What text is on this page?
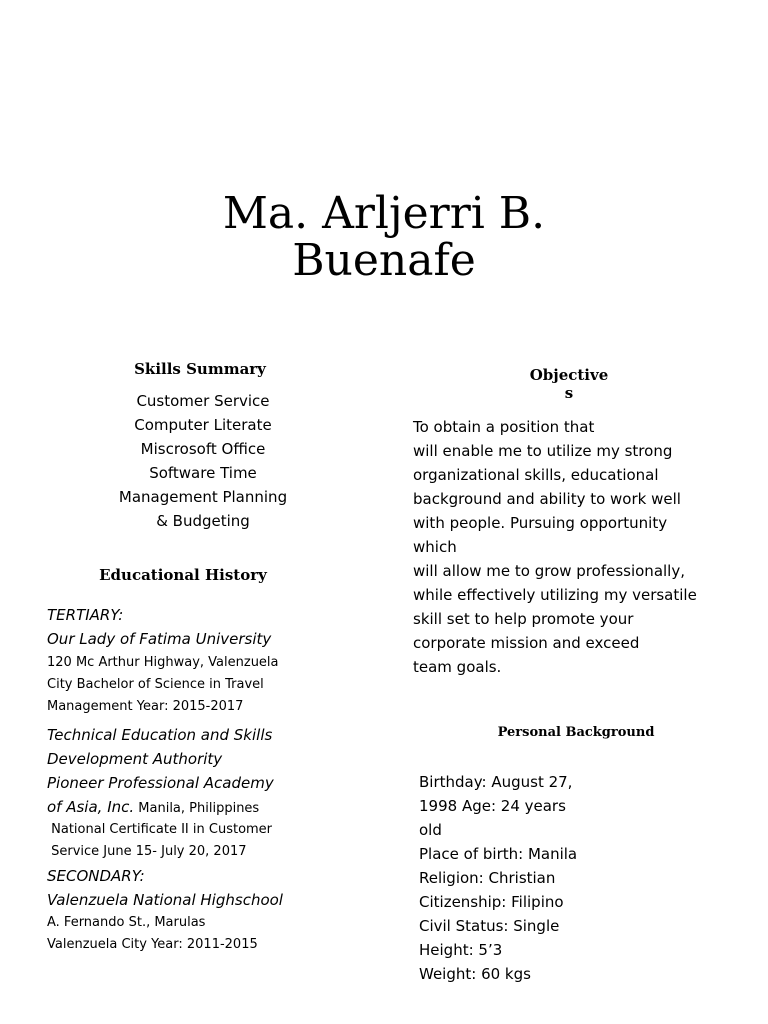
Ma. Arljerri B.
Buenafe
Skills Summary
Customer Service
Computer Literate
Miscrosoft Office
Software Time
Management Planning
& Budgeting
Educational History
TERTIARY:
Our Lady of Fatima University
120 Mc Arthur Highway, Valenzuela
City Bachelor of Science in Travel
Management Year: 2015-2017
Technical Education and Skills
Development Authority
Pioneer Professional Academy
of Asia, Inc. Manila, Philippines
National Certificate II in Customer
Service June 15- July 20, 2017
SECONDARY:
Valenzuela National Highschool
A. Fernando St., Marulas
Valenzuela City Year: 2011-2015
Objective
s
To obtain a position that
will enable me to utilize my strong
organizational skills, educational
background and ability to work well
with people. Pursuing opportunity
which
will allow me to grow professionally,
while effectively utilizing my versatile
skill set to help promote your
corporate mission and exceed
team goals.
Personal Background
Birthday: August 27,
1998 Age: 24 years
old
Place of birth: Manila
Religion: Christian
Citizenship: Filipino
Civil Status: Single
Height: 5’3
Weight: 60 kgs
